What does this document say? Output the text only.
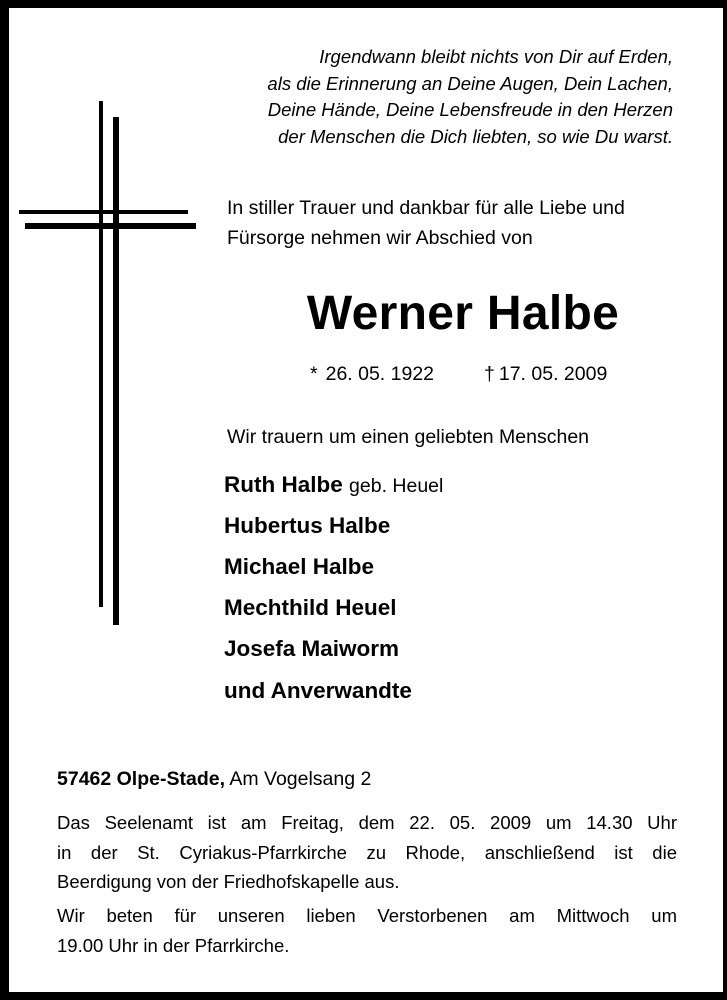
Irgendwann bleibt nichts von Dir auf Erden,
als die Erinnerung an Deine Augen, Dein Lachen,
Deine Hände, Deine Lebensfreude in den Herzen
der Menschen die Dich liebten, so wie Du warst.
In stiller Trauer und dankbar für alle Liebe und
Fürsorge nehmen wir Abschied von
Werner Halbe
* 26. 05. 1922	† 17. 05. 2009
Wir trauern um einen geliebten Menschen
Ruth Halbe geb. Heuel
Hubertus Halbe
Michael Halbe
Mechthild Heuel
Josefa Maiworm
und Anverwandte
57462 Olpe-Stade, Am Vogelsang 2
Das Seelenamt ist am Freitag, dem 22. 05. 2009 um 14.30 Uhr
in der St. Cyriakus-Pfarrkirche zu Rhode, anschließend ist die
Beerdigung von der Friedhofskapelle aus.
Wir beten für unseren lieben Verstorbenen am Mittwoch um
19.00 Uhr in der Pfarrkirche.
